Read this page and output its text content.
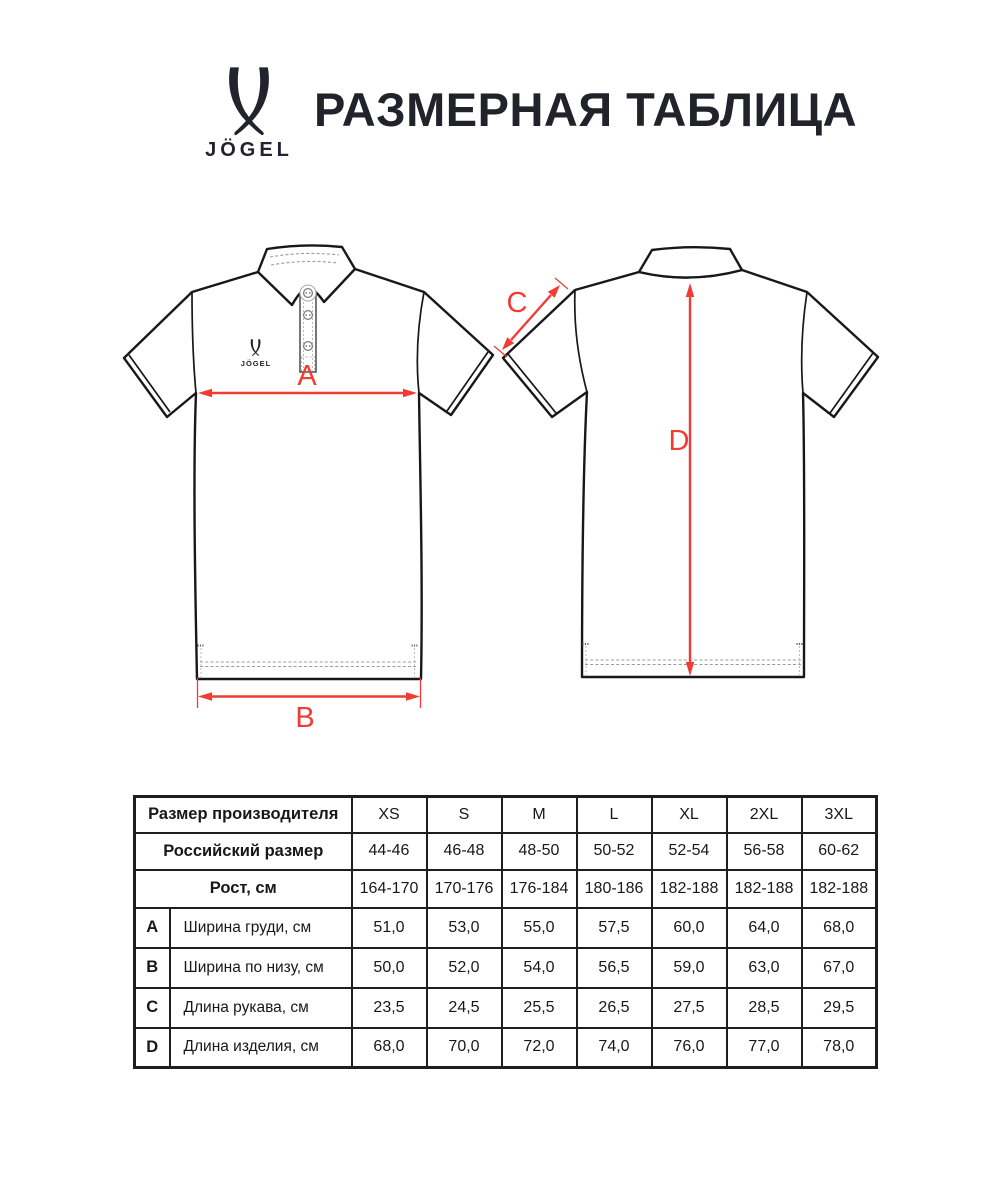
JÖGEL
РАЗМЕРНАЯ ТАБЛИЦА
JÖGEL A
B
C
D
Размер производителя		XS	S	M	L	XL	2XL	3XL
Российский размер		44-46	46-48	48-50	50-52	52-54	56-58	60-62
Рост, см		164-170	170-176	176-184	180-186	182-188	182-188	182-188
A	Ширина груди, см	51,0	53,0	55,0	57,5	60,0	64,0	68,0
B	Ширина по низу, см	50,0	52,0	54,0	56,5	59,0	63,0	67,0
C	Длина рукава, см	23,5	24,5	25,5	26,5	27,5	28,5	29,5
D	Длина изделия, см	68,0	70,0	72,0	74,0	76,0	77,0	78,0
